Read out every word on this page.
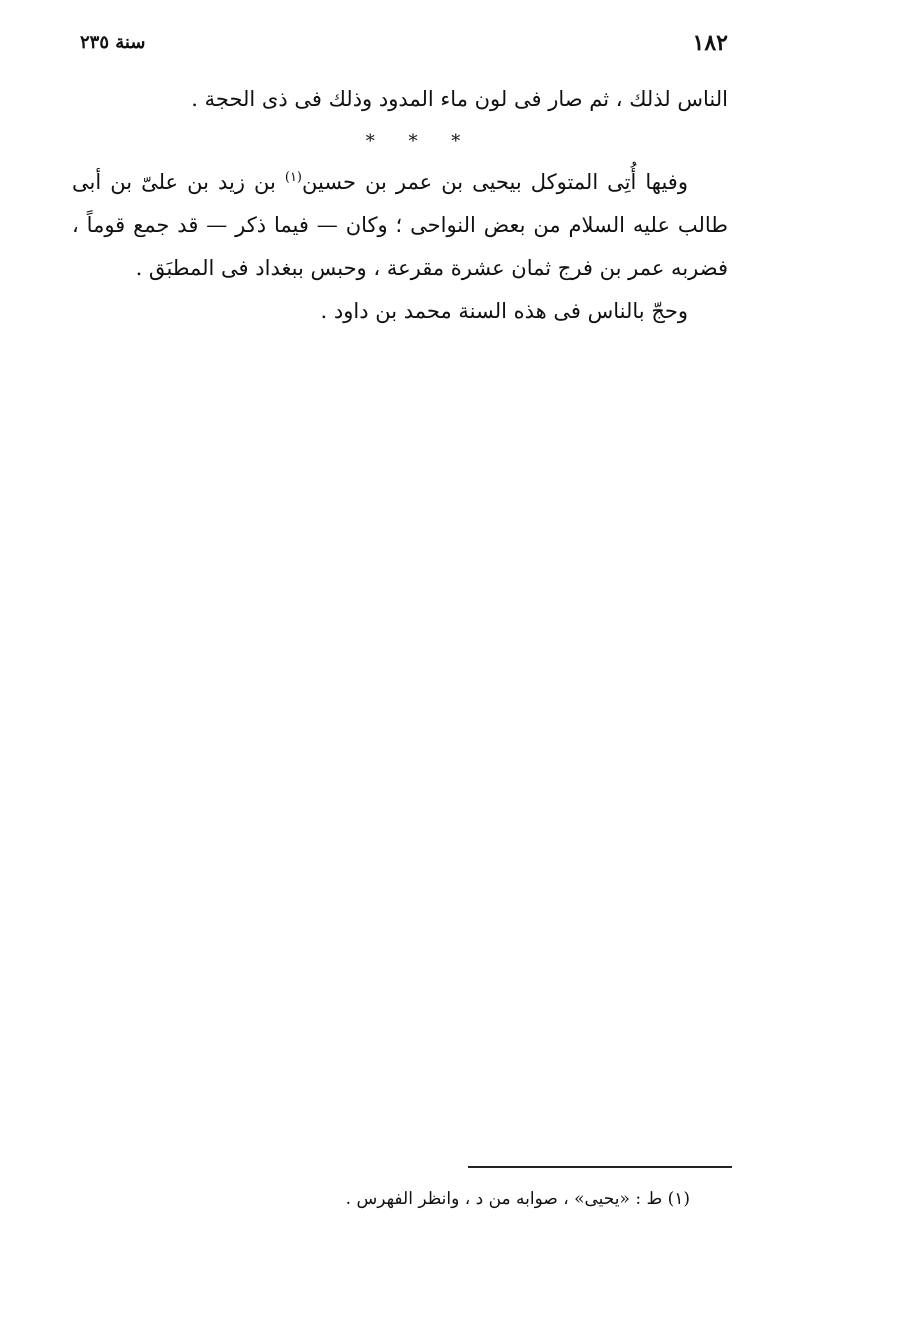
١٨٢
سنة ٢٣٥

الناس لذلك ، ثم صار فى لون ماء المدود وذلك فى ذى الحجة .

* * *

وفيها أُتِى المتوكل بيحيى بن عمر بن حسين$^{(١)}$ بن زيد بن علىّ بن أبى طالب عليه السلام من بعض النواحى ؛ وكان — فيما ذكر — قد جمع قوماً ، فضربه عمر بن فرج ثمان عشرة مقرعة ، وحبس ببغداد فى المطبَق .

وحجّ بالناس فى هذه السنة محمد بن داود .

(١) ط : «يحيى» ، صوابه من د ، وانظر الفهرس .
